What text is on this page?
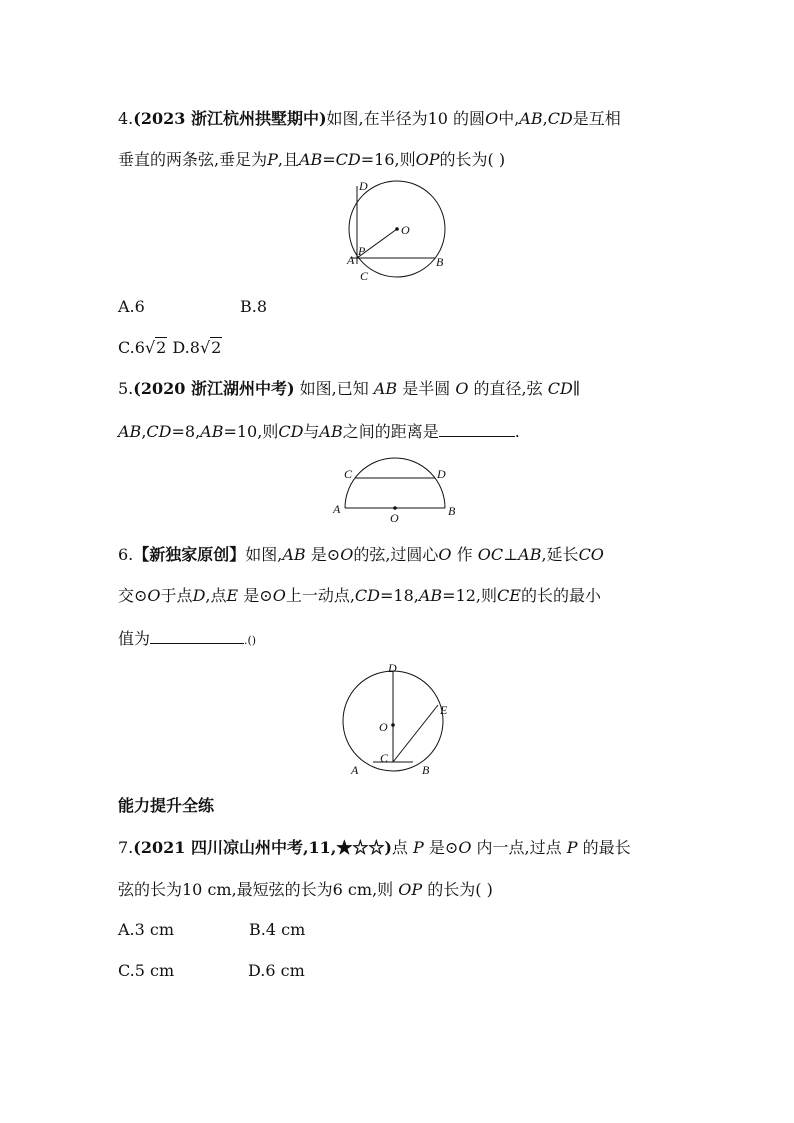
4.(2023 浙江杭州拱墅期中)如图,在半径为10 的圆O中,AB,CD是互相
垂直的两条弦,垂足为P,且AB=CD=16,则OP的长为( )
D
O
P
A
C
B
A.6	B.8
C.6√2 D.8√2
5.(2020 浙江湖州中考) 如图,已知 AB 是半圆 O 的直径,弦 CD∥
AB,CD=8,AB=10,则CD与AB之间的距离是	.
C	D
A
O	B
6.【新独家原创】如图,AB 是⊙O的弦,过圆心O 作 OC⊥AB,延长CO
交⊙O于点D,点E 是⊙O上一动点,CD=18,AB=12,则CE的长的最小
值为	.()
D
E
O
C
A	B
能力提升全练
7.(2021 四川凉山州中考,11,★☆☆)点 P 是⊙O 内一点,过点 P 的最长
弦的长为10 cm,最短弦的长为6 cm,则 OP 的长为( )
A.3 cm	B.4 cm
C.5 cm	D.6 cm
